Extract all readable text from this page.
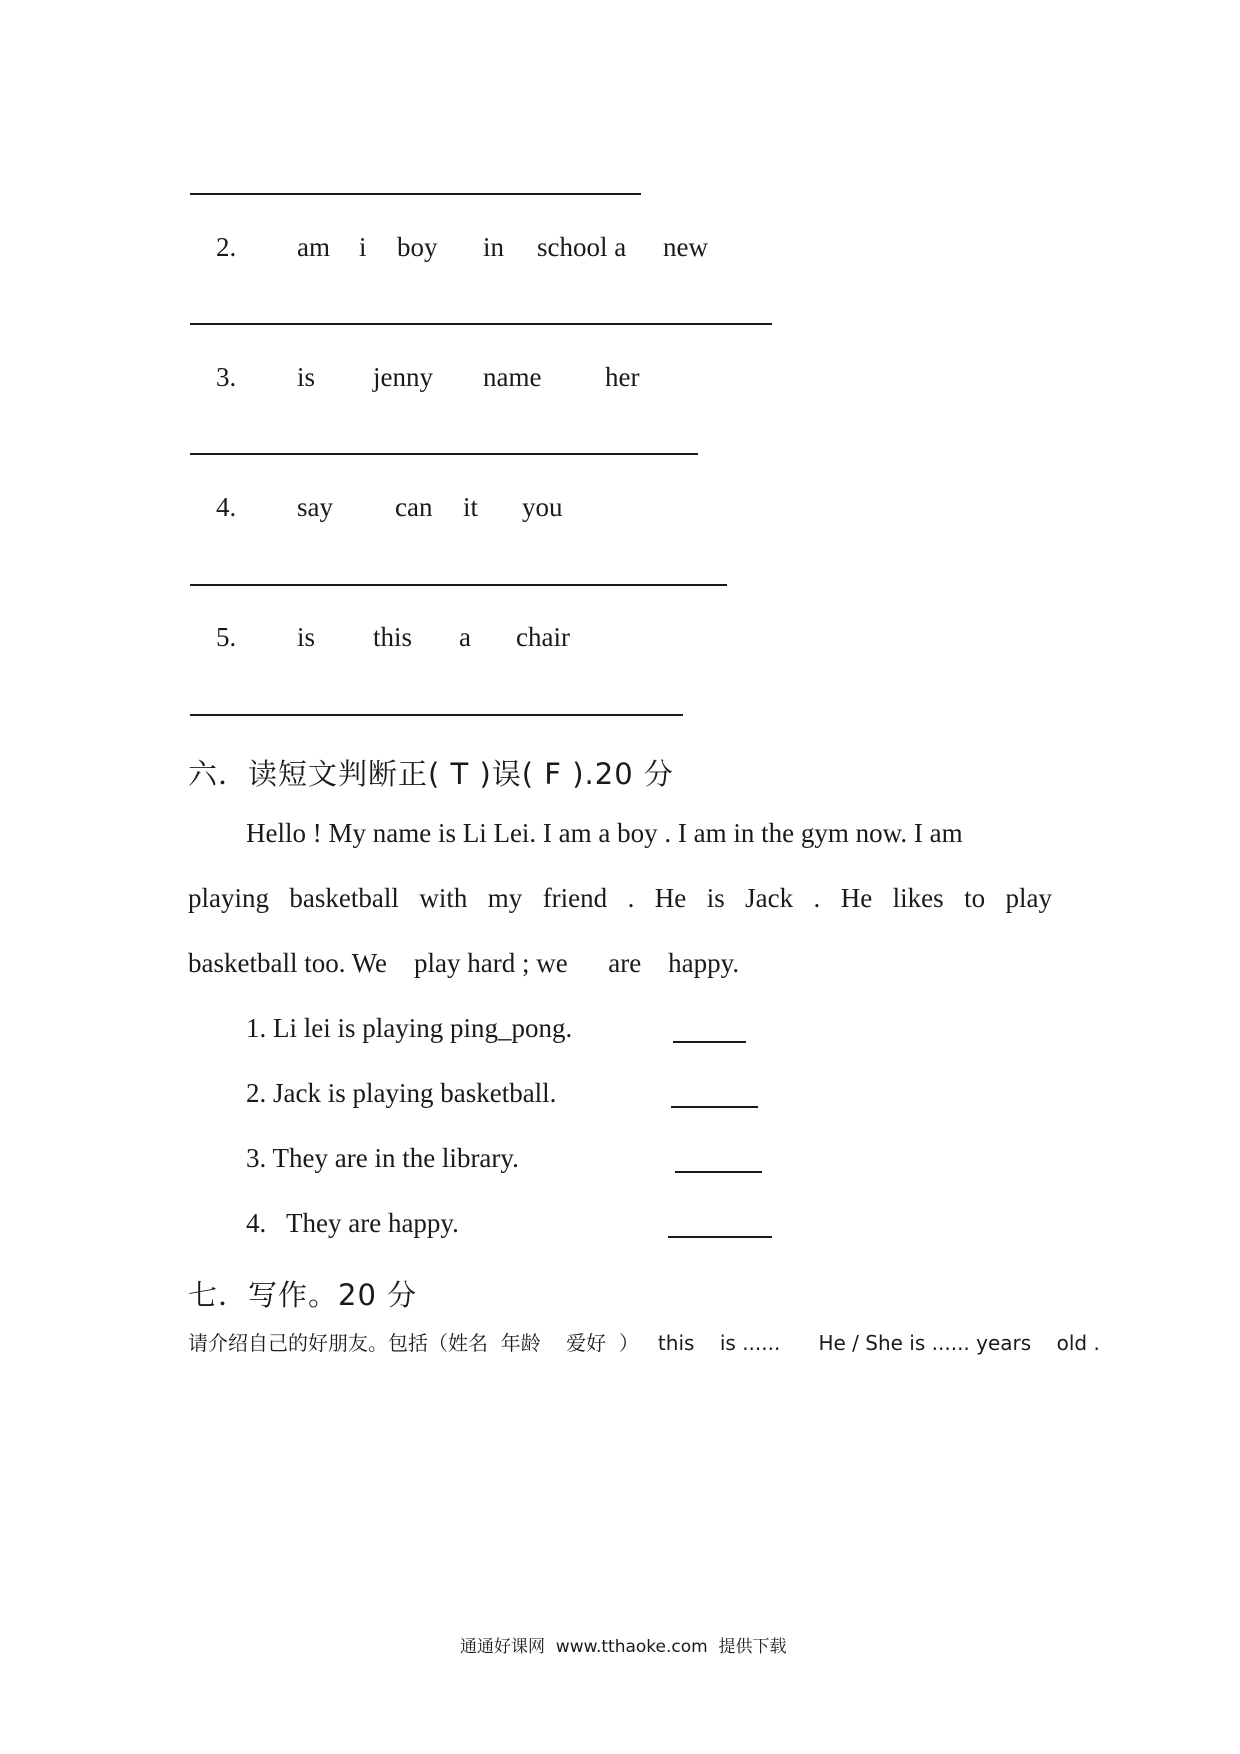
2. am i boy in school a new
3. is jenny name her
4. say can it you
5. is this a chair
六．读短文判断正( T )误( F ).20 分
Hello ! My name is Li Lei. I am a boy . I am in the gym now. I am
playing basketball with my friend . He is Jack . He likes to play
basketball too. We    play hard ; we      are    happy.
1. Li lei is playing ping_pong.
2. Jack is playing basketball.
3. They are in the library.
4.   They are happy.
七．写作。20 分
请介绍自己的好朋友。包括（姓名  年龄    爱好  ）   this    is ......      He / She is ...... years    old .
通通好课网  www.tthaoke.com  提供下载
